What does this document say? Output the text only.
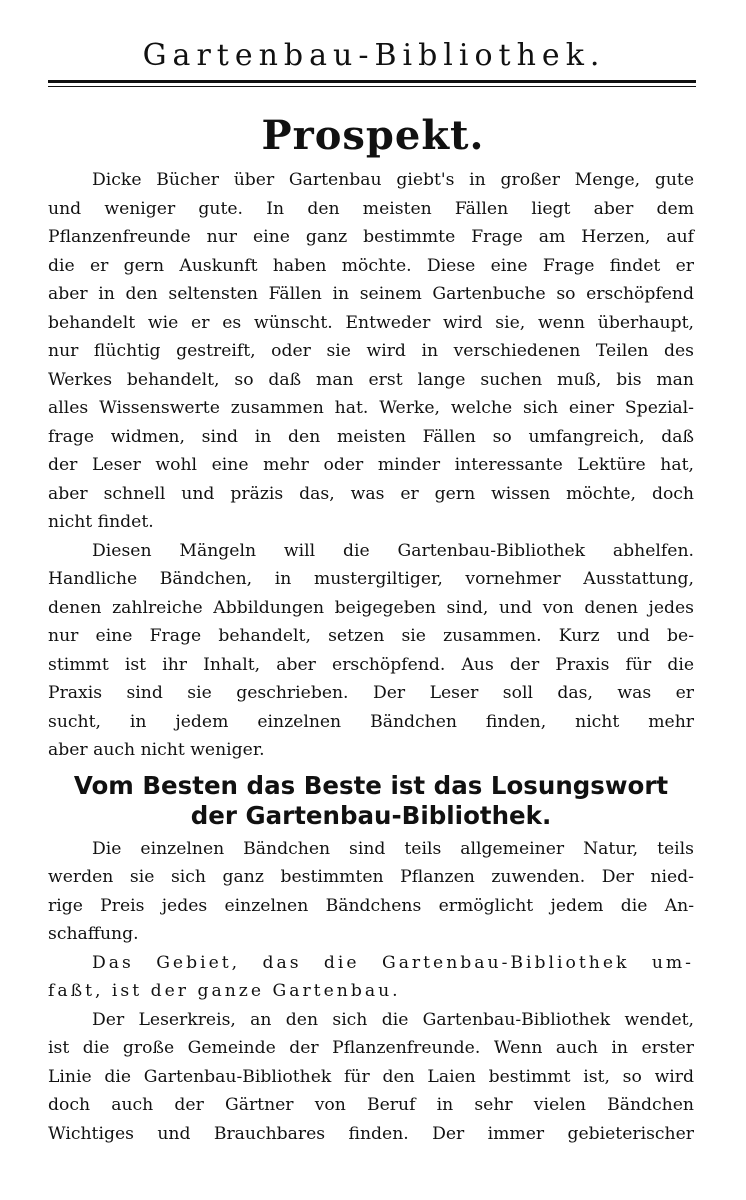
Gartenbau-Bibliothek.
Prospekt.
Dicke Bücher über Gartenbau giebt's in großer Menge, gute
und weniger gute. In den meisten Fällen liegt aber dem
Pflanzenfreunde nur eine ganz bestimmte Frage am Herzen, auf
die er gern Auskunft haben möchte. Diese eine Frage findet er
aber in den seltensten Fällen in seinem Gartenbuche so erschöpfend
behandelt wie er es wünscht. Entweder wird sie, wenn überhaupt,
nur flüchtig gestreift, oder sie wird in verschiedenen Teilen des
Werkes behandelt, so daß man erst lange suchen muß, bis man
alles Wissenswerte zusammen hat. Werke, welche sich einer Spezial-
frage widmen, sind in den meisten Fällen so umfangreich, daß
der Leser wohl eine mehr oder minder interessante Lektüre hat,
aber schnell und präzis das, was er gern wissen möchte, doch
nicht findet.
Diesen Mängeln will die Gartenbau-Bibliothek abhelfen.
Handliche Bändchen, in mustergiltiger, vornehmer Ausstattung,
denen zahlreiche Abbildungen beigegeben sind, und von denen jedes
nur eine Frage behandelt, setzen sie zusammen. Kurz und be-
stimmt ist ihr Inhalt, aber erschöpfend. Aus der Praxis für die
Praxis sind sie geschrieben. Der Leser soll das, was er
sucht, in jedem einzelnen Bändchen finden, nicht mehr
aber auch nicht weniger.
Vom Besten das Beste ist das Losungswort
der Gartenbau-Bibliothek.
Die einzelnen Bändchen sind teils allgemeiner Natur, teils
werden sie sich ganz bestimmten Pflanzen zuwenden. Der nied-
rige Preis jedes einzelnen Bändchens ermöglicht jedem die An-
schaffung.
Das Gebiet, das die Gartenbau-Bibliothek um-
faßt, ist der ganze Gartenbau.
Der Leserkreis, an den sich die Gartenbau-Bibliothek wendet,
ist die große Gemeinde der Pflanzenfreunde. Wenn auch in erster
Linie die Gartenbau-Bibliothek für den Laien bestimmt ist, so wird
doch auch der Gärtner von Beruf in sehr vielen Bändchen
Wichtiges und Brauchbares finden. Der immer gebieterischer
